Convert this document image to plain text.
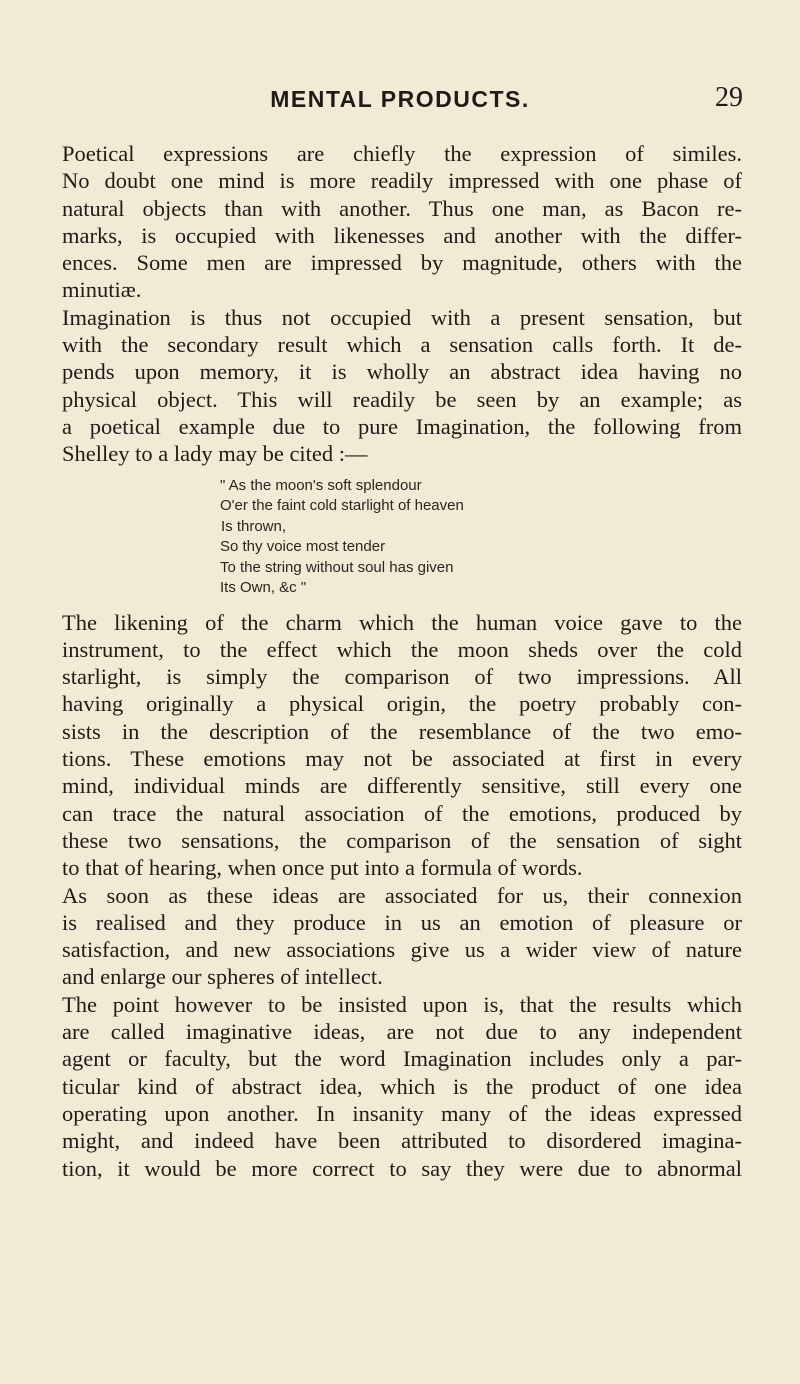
MENTAL PRODUCTS.	29
Poetical expressions are chiefly the expression of similes.
No doubt one mind is more readily impressed with one phase of
natural objects than with another. Thus one man, as Bacon re-
marks, is occupied with likenesses and another with the differ-
ences. Some men are impressed by magnitude, others with the
minutiæ.
Imagination is thus not occupied with a present sensation, but
with the secondary result which a sensation calls forth. It de-
pends upon memory, it is wholly an abstract idea having no
physical object. This will readily be seen by an example; as
a poetical example due to pure Imagination, the following from
Shelley to a lady may be cited :—
" As the moon's soft splendour
O'er the faint cold starlight of heaven
Is thrown,
So thy voice most tender
To the string without soul has given
Its Own, &c "
The likening of the charm which the human voice gave to the
instrument, to the effect which the moon sheds over the cold
starlight, is simply the comparison of two impressions. All
having originally a physical origin, the poetry probably con-
sists in the description of the resemblance of the two emo-
tions. These emotions may not be associated at first in every
mind, individual minds are differently sensitive, still every one
can trace the natural association of the emotions, produced by
these two sensations, the comparison of the sensation of sight
to that of hearing, when once put into a formula of words.
As soon as these ideas are associated for us, their connexion
is realised and they produce in us an emotion of pleasure or
satisfaction, and new associations give us a wider view of nature
and enlarge our spheres of intellect.
The point however to be insisted upon is, that the results which
are called imaginative ideas, are not due to any independent
agent or faculty, but the word Imagination includes only a par-
ticular kind of abstract idea, which is the product of one idea
operating upon another. In insanity many of the ideas expressed
might, and indeed have been attributed to disordered imagina-
tion, it would be more correct to say they were due to abnormal
